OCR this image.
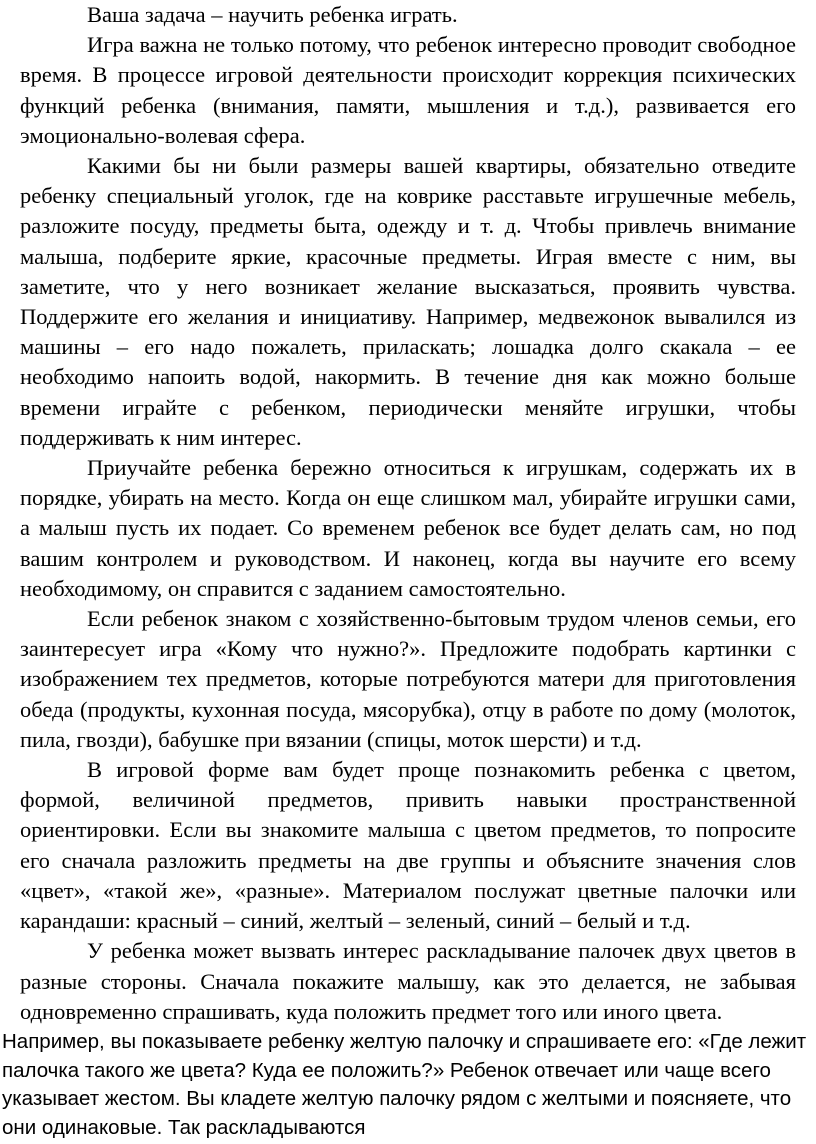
Ваша задача – научить ребенка играть.

Игра важна не только потому, что ребенок интересно проводит свободное время. В процессе игровой деятельности происходит коррекция психических функций ребенка (внимания, памяти, мышления и т.д.), развивается его эмоционально-волевая сфера.

Какими бы ни были размеры вашей квартиры, обязательно отведите ребенку специальный уголок, где на коврике расставьте игрушечные мебель, разложите посуду, предметы быта, одежду и т. д. Чтобы привлечь внимание малыша, подберите яркие, красочные предметы. Играя вместе с ним, вы заметите, что у него возникает желание высказаться, проявить чувства. Поддержите его желания и инициативу. Например, медвежонок вывалился из машины – его надо пожалеть, приласкать; лошадка долго скакала – ее необходимо напоить водой, накормить. В течение дня как можно больше времени играйте с ребенком, периодически меняйте игрушки, чтобы поддерживать к ним интерес.

Приучайте ребенка бережно относиться к игрушкам, содержать их в порядке, убирать на место. Когда он еще слишком мал, убирайте игрушки сами, а малыш пусть их подает. Со временем ребенок все будет делать сам, но под вашим контролем и руководством. И наконец, когда вы научите его всему необходимому, он справится с заданием самостоятельно.

Если ребенок знаком с хозяйственно-бытовым трудом членов семьи, его заинтересует игра «Кому что нужно?». Предложите подобрать картинки с изображением тех предметов, которые потребуются матери для приготовления обеда (продукты, кухонная посуда, мясорубка), отцу в работе по дому (молоток, пила, гвозди), бабушке при вязании (спицы, моток шерсти) и т.д.

В игровой форме вам будет проще познакомить ребенка с цветом, формой, величиной предметов, привить навыки пространственной ориентировки. Если вы знакомите малыша с цветом предметов, то попросите его сначала разложить предметы на две группы и объясните значения слов «цвет», «такой же», «разные». Материалом послужат цветные палочки или карандаши: красный – синий, желтый – зеленый, синий – белый и т.д.

У ребенка может вызвать интерес раскладывание палочек двух цветов в разные стороны. Сначала покажите малышу, как это делается, не забывая одновременно спрашивать, куда положить предмет того или иного цвета.

Например, вы показываете ребенку желтую палочку и спрашиваете его: «Где лежит палочка такого же цвета? Куда ее положить?» Ребенок отвечает или чаще всего указывает жестом. Вы кладете желтую палочку рядом с желтыми и поясняете, что они одинаковые. Так раскладываются
